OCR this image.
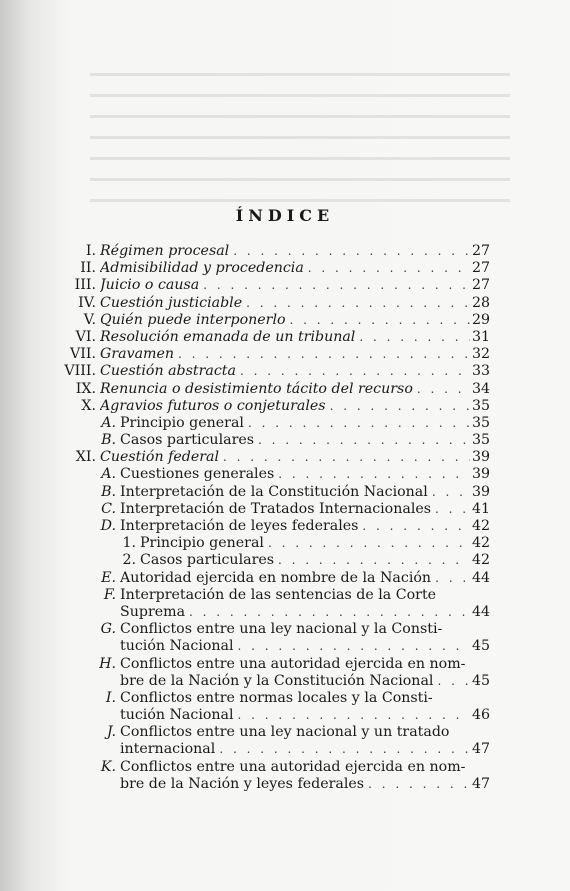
ÍNDICE
I. Régimen procesal . . .	27
II. Admisibilidad y procedencia . . .	27
III. Juicio o causa . . .	27
IV. Cuestión justiciable . . .	28
V. Quién puede interponerlo . . .	29
VI. Resolución emanada de un tribunal . . .	31
VII. Gravamen . . .	32
VIII. Cuestión abstracta . . .	33
IX. Renuncia o desistimiento tácito del recurso . . .	34
X. Agravios futuros o conjeturales . . .	35
A. Principio general . . .	35
B. Casos particulares . . .	35
XI. Cuestión federal . . .	39
A. Cuestiones generales . . .	39
B. Interpretación de la Constitución Nacional . . .	39
C. Interpretación de Tratados Internacionales . . .	41
D. Interpretación de leyes federales . . .	42
1. Principio general . . .	42
2. Casos particulares . . .	42
E. Autoridad ejercida en nombre de la Nación . . .	44
F. Interpretación de las sentencias de la Corte
Suprema . . .	44
G. Conflictos entre una ley nacional y la Consti-
tución Nacional . . .	45
H. Conflictos entre una autoridad ejercida en nom-
bre de la Nación y la Constitución Nacional . . .	45
I. Conflictos entre normas locales y la Consti-
tución Nacional . . .	46
J. Conflictos entre una ley nacional y un tratado
internacional . . .	47
K. Conflictos entre una autoridad ejercida en nom-
bre de la Nación y leyes federales . . .	47
